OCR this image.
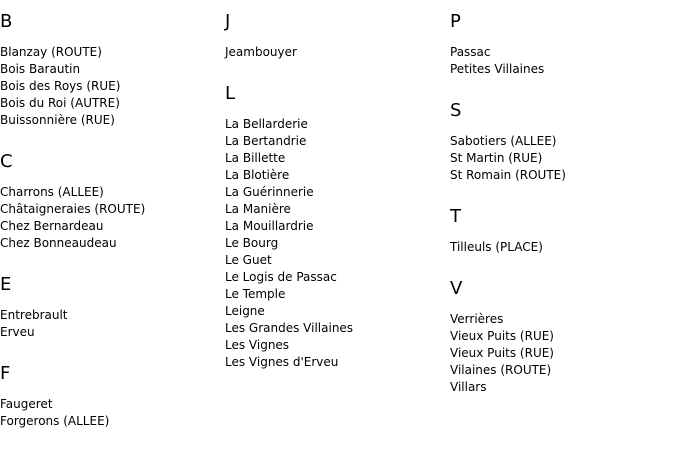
B
Blanzay (ROUTE)
Bois Barautin
Bois des Roys (RUE)
Bois du Roi (AUTRE)
Buissonnière (RUE)
C
Charrons (ALLEE)
Châtaigneraies (ROUTE)
Chez Bernardeau
Chez Bonneaudeau
E
Entrebrault
Erveu
F
Faugeret
Forgerons (ALLEE)
J
Jeambouyer
L
La Bellarderie
La Bertandrie
La Billette
La Blotière
La Guérinnerie
La Manière
La Mouillardrie
Le Bourg
Le Guet
Le Logis de Passac
Le Temple
Leigne
Les Grandes Villaines
Les Vignes
Les Vignes d'Erveu
P
Passac
Petites Villaines
S
Sabotiers (ALLEE)
St Martin (RUE)
St Romain (ROUTE)
T
Tilleuls (PLACE)
V
Verrières
Vieux Puits (RUE)
Vieux Puits (RUE)
Vilaines (ROUTE)
Villars
